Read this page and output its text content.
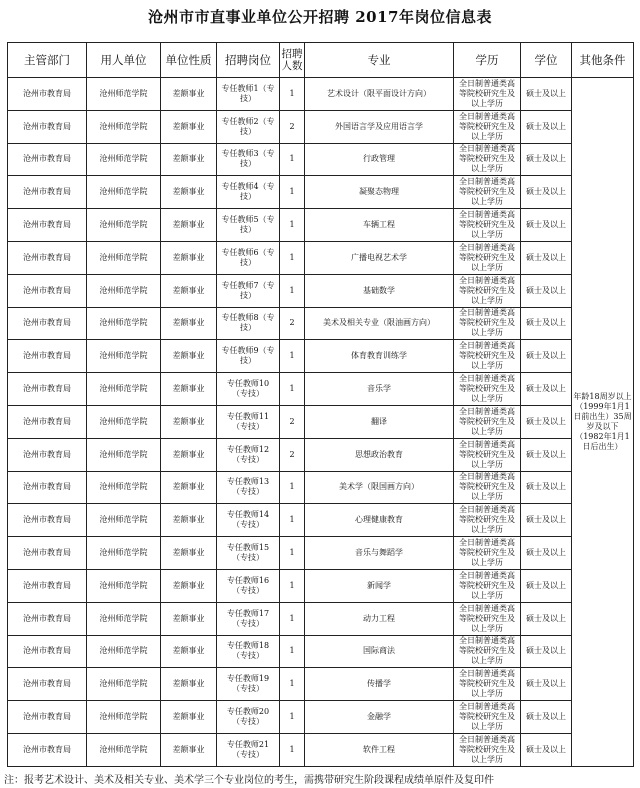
沧州市市直事业单位公开招聘 2017年岗位信息表
主管部门	用人单位	单位性质	招聘岗位	招聘
人数	专业	学历	学位	其他条件
沧州市教育局	沧州师范学院	差额事业	专任教师1（专技）	1	艺术设计（限平面设计方向）	全日制普通类高
等院校研究生及
以上学历	硕士及以上	年龄18周岁以上（1999年1月1日前出生）35周岁及以下（1982年1月1日后出生）
沧州市教育局	沧州师范学院	差额事业	专任教师2（专技）	2	外国语言学及应用语言学	全日制普通类高
等院校研究生及
以上学历	硕士及以上	
沧州市教育局	沧州师范学院	差额事业	专任教师3（专技）	1	行政管理	全日制普通类高
等院校研究生及
以上学历	硕士及以上	
沧州市教育局	沧州师范学院	差额事业	专任教师4（专技）	1	凝聚态物理	全日制普通类高
等院校研究生及
以上学历	硕士及以上	
沧州市教育局	沧州师范学院	差额事业	专任教师5（专技）	1	车辆工程	全日制普通类高
等院校研究生及
以上学历	硕士及以上	
沧州市教育局	沧州师范学院	差额事业	专任教师6（专技）	1	广播电视艺术学	全日制普通类高
等院校研究生及
以上学历	硕士及以上	
沧州市教育局	沧州师范学院	差额事业	专任教师7（专技）	1	基础数学	全日制普通类高
等院校研究生及
以上学历	硕士及以上	
沧州市教育局	沧州师范学院	差额事业	专任教师8（专技）	2	美术及相关专业（限油画方向）	全日制普通类高
等院校研究生及
以上学历	硕士及以上	
沧州市教育局	沧州师范学院	差额事业	专任教师9（专技）	1	体育教育训练学	全日制普通类高
等院校研究生及
以上学历	硕士及以上	
沧州市教育局	沧州师范学院	差额事业	专任教师10
（专技）	1	音乐学	全日制普通类高
等院校研究生及
以上学历	硕士及以上	
沧州市教育局	沧州师范学院	差额事业	专任教师11
（专技）	2	翻译	全日制普通类高
等院校研究生及
以上学历	硕士及以上	
沧州市教育局	沧州师范学院	差额事业	专任教师12
（专技）	2	思想政治教育	全日制普通类高
等院校研究生及
以上学历	硕士及以上	
沧州市教育局	沧州师范学院	差额事业	专任教师13
（专技）	1	美术学（限国画方向）	全日制普通类高
等院校研究生及
以上学历	硕士及以上	
沧州市教育局	沧州师范学院	差额事业	专任教师14
（专技）	1	心理健康教育	全日制普通类高
等院校研究生及
以上学历	硕士及以上	
沧州市教育局	沧州师范学院	差额事业	专任教师15
（专技）	1	音乐与舞蹈学	全日制普通类高
等院校研究生及
以上学历	硕士及以上	
沧州市教育局	沧州师范学院	差额事业	专任教师16
（专技）	1	新闻学	全日制普通类高
等院校研究生及
以上学历	硕士及以上	
沧州市教育局	沧州师范学院	差额事业	专任教师17
（专技）	1	动力工程	全日制普通类高
等院校研究生及
以上学历	硕士及以上	
沧州市教育局	沧州师范学院	差额事业	专任教师18
（专技）	1	国际商法	全日制普通类高
等院校研究生及
以上学历	硕士及以上	
沧州市教育局	沧州师范学院	差额事业	专任教师19
（专技）	1	传播学	全日制普通类高
等院校研究生及
以上学历	硕士及以上	
沧州市教育局	沧州师范学院	差额事业	专任教师20
（专技）	1	金融学	全日制普通类高
等院校研究生及
以上学历	硕士及以上	
沧州市教育局	沧州师范学院	差额事业	专任教师21
（专技）	1	软件工程	全日制普通类高
等院校研究生及
以上学历	硕士及以上	
注：报考艺术设计、美术及相关专业、美术学三个专业岗位的考生，需携带研究生阶段课程成绩单原件及复印件
